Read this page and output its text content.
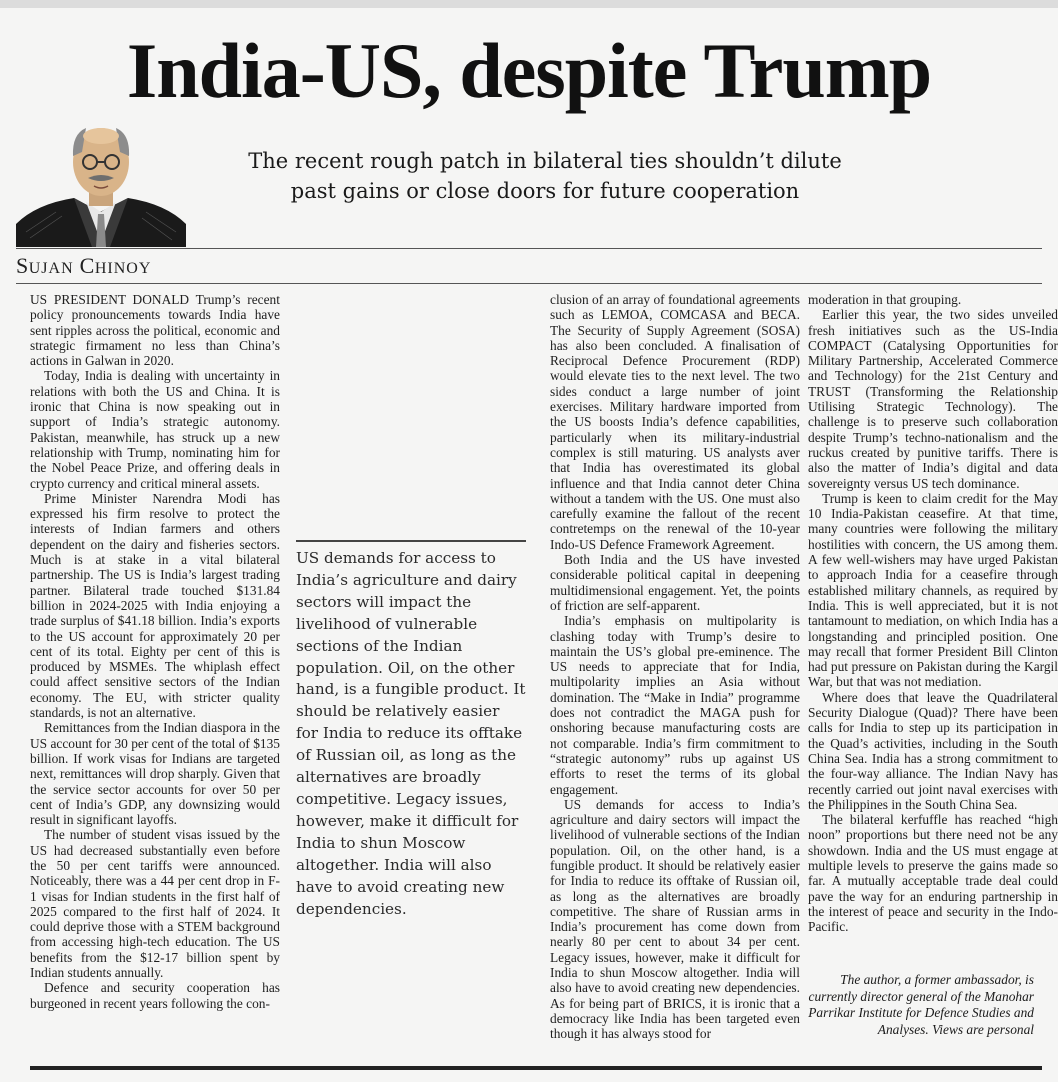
India-US, despite Trump
The recent rough patch in bilateral ties shouldn’t dilute
past gains or close doors for future cooperation
SUJAN CHINOY

US PRESIDENT DONALD Trump’s recent policy pronouncements towards India have sent ripples across the political, economic and strategic firmament no less than China’s actions in Galwan in 2020.

Today, India is dealing with uncertainty in relations with both the US and China. It is ironic that China is now speaking out in support of India’s strategic autonomy. Pakistan, meanwhile, has struck up a new relationship with Trump, nominating him for the Nobel Peace Prize, and offering deals in crypto currency and critical mineral assets.

Prime Minister Narendra Modi has expressed his firm resolve to protect the interests of Indian farmers and others dependent on the dairy and fisheries sectors. Much is at stake in a vital bilateral partnership. The US is India’s largest trading partner. Bilateral trade touched $131.84 billion in 2024-2025 with India enjoying a trade surplus of $41.18 billion. India’s exports to the US account for approximately 20 per cent of its total. Eighty per cent of this is produced by MSMEs. The whiplash effect could affect sensitive sectors of the Indian economy. The EU, with stricter quality standards, is not an alternative.

Remittances from the Indian diaspora in the US account for 30 per cent of the total of $135 billion. If work visas for Indians are targeted next, remittances will drop sharply. Given that the service sector accounts for over 50 per cent of India’s GDP, any downsizing would result in significant layoffs.

The number of student visas issued by the US had decreased substantially even before the 50 per cent tariffs were announced. Noticeably, there was a 44 per cent drop in F-1 visas for Indian students in the first half of 2025 compared to the first half of 2024. It could deprive those with a STEM background from accessing high-tech education. The US benefits from the $12-17 billion spent by Indian students annually.

Defence and security cooperation has burgeoned in recent years following the con-

clusion of an array of foundational agreements such as LEMOA, COMCASA and BECA. The Security of Supply Agreement (SOSA) has also been concluded. A finalisation of Reciprocal Defence Procurement (RDP) would elevate ties to the next level. The two sides conduct a large number of joint exercises. Military hardware imported from the US boosts India’s defence capabilities, particularly when its military-industrial complex is still maturing. US analysts aver that India has overestimated its global influence and that India cannot deter China without a tandem with the US. One must also carefully examine the fallout of the recent contretemps on the renewal of the 10-year Indo-US Defence Framework Agreement.

Both India and the US have invested considerable political capital in deepening multidimensional engagement. Yet, the points of friction are self-apparent.

India’s emphasis on multipolarity is clashing today with Trump’s desire to maintain the US’s global pre-eminence. The US needs to appreciate that for India, multipolarity implies an Asia without domination. The “Make in India” programme does not contradict the MAGA push for onshoring because manufacturing costs are not comparable. India’s firm commitment to “strategic autonomy” rubs up against US efforts to reset the terms of its global engagement.

US demands for access to India’s agriculture and dairy sectors will impact the livelihood of vulnerable sections of the Indian population. Oil, on the other hand, is a fungible product. It should be relatively easier for India to reduce its offtake of Russian oil, as long as the alternatives are broadly competitive. The share of Russian arms in India’s procurement has come down from nearly 80 per cent to about 34 per cent. Legacy issues, however, make it difficult for India to shun Moscow altogether. India will also have to avoid creating new dependencies. As for being part of BRICS, it is ironic that a democracy like India has been targeted even though it has always stood for

moderation in that grouping.

Earlier this year, the two sides unveiled fresh initiatives such as the US-India COMPACT (Catalysing Opportunities for Military Partnership, Accelerated Commerce and Technology) for the 21st Century and TRUST (Transforming the Relationship Utilising Strategic Technology). The challenge is to preserve such collaboration despite Trump’s techno-nationalism and the ruckus created by punitive tariffs. There is also the matter of India’s digital and data sovereignty versus US tech dominance.

Trump is keen to claim credit for the May 10 India-Pakistan ceasefire. At that time, many countries were following the military hostilities with concern, the US among them. A few well-wishers may have urged Pakistan to approach India for a ceasefire through established military channels, as required by India. This is well appreciated, but it is not tantamount to mediation, on which India has a longstanding and principled position. One may recall that former President Bill Clinton had put pressure on Pakistan during the Kargil War, but that was not mediation.

Where does that leave the Quadrilateral Security Dialogue (Quad)? There have been calls for India to step up its participation in the Quad’s activities, including in the South China Sea. India has a strong commitment to the four-way alliance. The Indian Navy has recently carried out joint naval exercises with the Philippines in the South China Sea.

The bilateral kerfuffle has reached “high noon” proportions but there need not be any showdown. India and the US must engage at multiple levels to preserve the gains made so far. A mutually acceptable trade deal could pave the way for an enduring partnership in the interest of peace and security in the Indo-Pacific.

US demands for access to India’s agriculture and dairy sectors will impact the livelihood of vulnerable sections of the Indian population. Oil, on the other hand, is a fungible product. It should be relatively easier for India to reduce its offtake of Russian oil, as long as the alternatives are broadly competitive. Legacy issues, however, make it difficult for India to shun Moscow altogether. India will also have to avoid creating new dependencies.
The author, a former ambassador, is currently director general of the Manohar Parrikar Institute for Defence Studies and Analyses. Views are personal
